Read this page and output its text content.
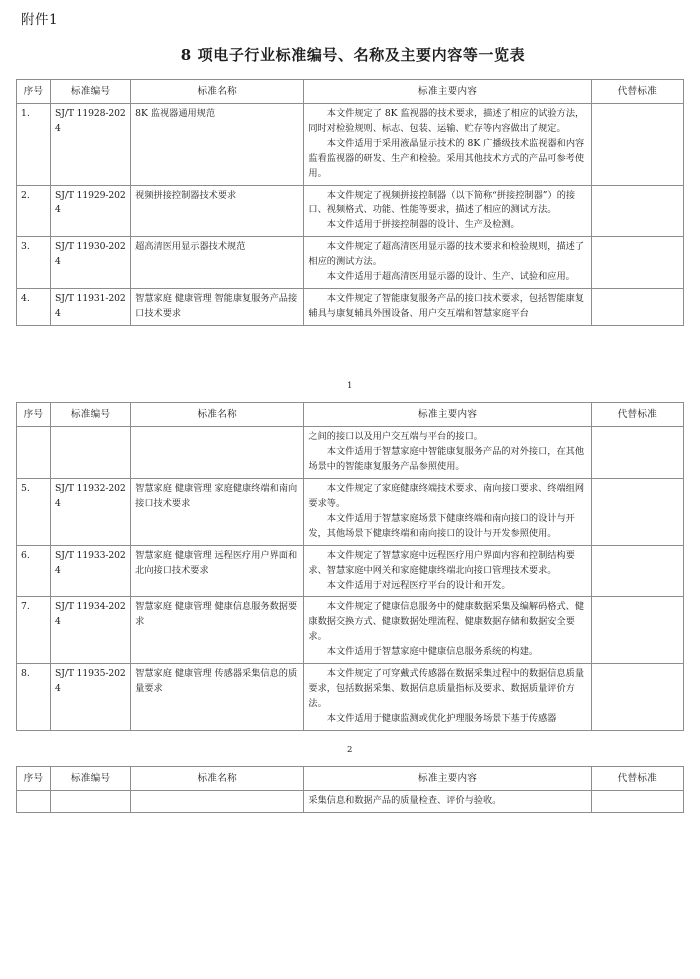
附件1
8 项电子行业标准编号、名称及主要内容等一览表
序号	标准编号	标准名称	标准主要内容	代替标准
1.	SJ/T 11928-2024	8K 监视器通用规范	本文件规定了 8K 监视器的技术要求，描述了相应的试验方法，同时对检验规则、标志、包装、运输、贮存等内容做出了规定。
本文件适用于采用液晶显示技术的 8K 广播级技术监视器和内容监看监视器的研发、生产和检验。采用其他技术方式的产品可参考使用。	

2.	SJ/T 11929-2024	视频拼接控制器技术要求	本文件规定了视频拼接控制器（以下简称“拼接控制器”）的接口、视频格式、功能、性能等要求，描述了相应的测试方法。
本文件适用于拼接控制器的设计、生产及检测。	

3.	SJ/T 11930-2024	超高清医用显示器技术规范	本文件规定了超高清医用显示器的技术要求和检验规则，描述了相应的测试方法。
本文件适用于超高清医用显示器的设计、生产、试验和应用。	

4.	SJ/T 11931-2024	智慧家庭 健康管理 智能康复服务产品接口技术要求	本文件规定了智能康复服务产品的接口技术要求，包括智能康复辅具与康复辅具外围设备、用户交互端和智慧家庭平台	

1
序号	标准编号	标准名称	标准主要内容	代替标准

			之间的接口以及用户交互端与平台的接口。
本文件适用于智慧家庭中智能康复服务产品的对外接口，在其他场景中的智能康复服务产品参照使用。	

5.	SJ/T 11932-2024	智慧家庭 健康管理 家庭健康终端和南向接口技术要求	本文件规定了家庭健康终端技术要求、南向接口要求、终端组网要求等。
本文件适用于智慧家庭场景下健康终端和南向接口的设计与开发，其他场景下健康终端和南向接口的设计与开发参照使用。	

6.	SJ/T 11933-2024	智慧家庭 健康管理 远程医疗用户界面和北向接口技术要求	本文件规定了智慧家庭中远程医疗用户界面内容和控制结构要求、智慧家庭中网关和家庭健康终端北向接口管理技术要求。
本文件适用于对远程医疗平台的设计和开发。	

7.	SJ/T 11934-2024	智慧家庭 健康管理 健康信息服务数据要求	本文件规定了健康信息服务中的健康数据采集及编解码格式、健康数据交换方式、健康数据处理流程、健康数据存储和数据安全要求。
本文件适用于智慧家庭中健康信息服务系统的构建。	

8.	SJ/T 11935-2024	智慧家庭 健康管理 传感器采集信息的质量要求	本文件规定了可穿戴式传感器在数据采集过程中的数据信息质量要求，包括数据采集、数据信息质量指标及要求、数据质量评价方法。
本文件适用于健康监测或优化护理服务场景下基于传感器	

2
序号	标准编号	标准名称	标准主要内容	代替标准

			采集信息和数据产品的质量检查、评价与验收。	
